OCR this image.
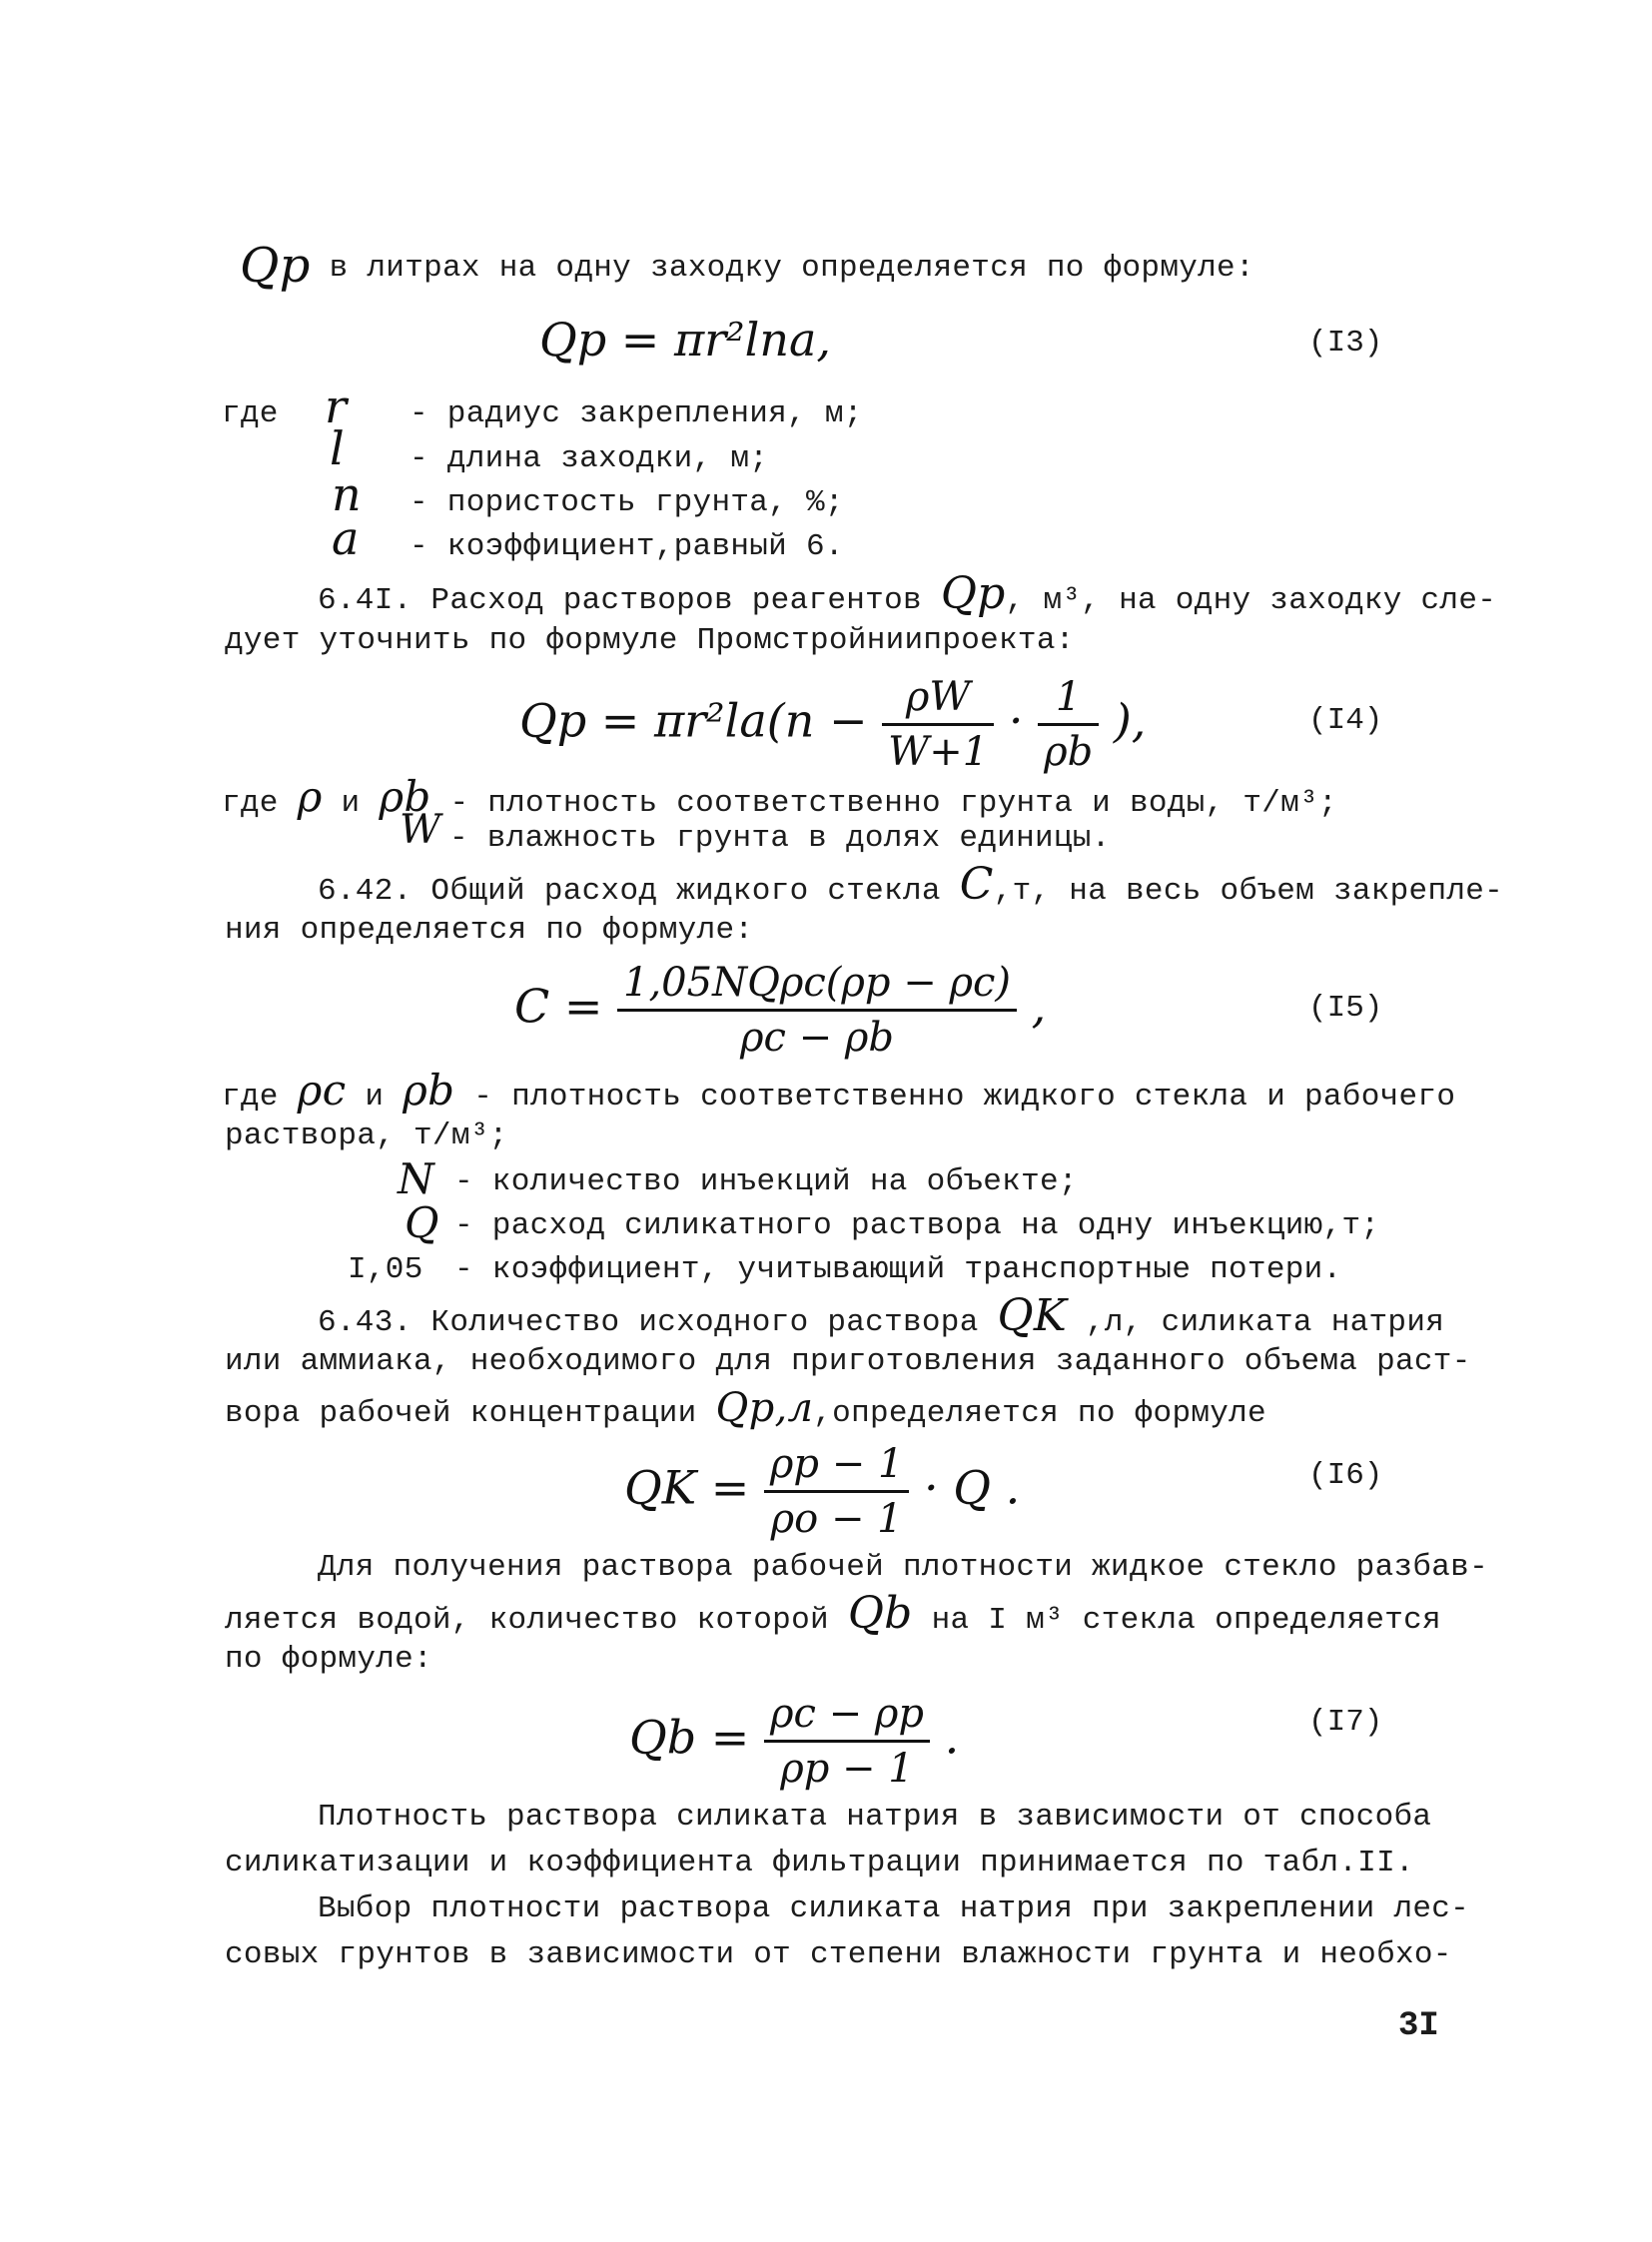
Qp в литрах на одну заходку определяется по формуле:
Qp = πr²lna,	(I3)
где r - радиус закрепления, м;
l - длина заходки, м;
n - пористость грунта, %;
a - коэффициент,равный 6.
6.4I. Расход растворов реагентов Qp, м³, на одну заходку сле-
дует уточнить по формуле Промстройниипроекта:
$Qp = \pi r^2la(n - \frac{\rho W}{W+1} \cdot \frac{1}{\rho b}$ ),	(I4)
где ρ и ρb - плотность соответственно грунта и воды, т/м³;
W - влажность грунта в долях единицы.
6.42. Общий расход жидкого стекла C,т, на весь объем закрепле-
ния определяется по формуле:
$C = \frac{\text{1,05NQρc(ρp − ρc)}}{\rho c - \rho b}$ ,	(I5)
где ρc и ρb - плотность соответственно жидкого стекла и рабочего
раствора, т/м³;
N - количество инъекций на объекте;
Q - расход силикатного раствора на одну инъекцию,т;
I,05 - коэффициент, учитывающий транспортные потери.
6.43. Количество исходного раствора QK ,л, силиката натрия
или аммиака, необходимого для приготовления заданного объема раст-
вора рабочей концентрации Qp,л,определяется по формуле
QK = $\frac{\rho p - 1}{\rho o - 1} \cdot Q$ .	(I6)
Для получения раствора рабочей плотности жидкое стекло разбав-
ляется водой, количество которой Qb на I м³ стекла определяется
по формуле:
$Qb = \frac{\rho c - \rho p}{\rho p - 1}$ .	(I7)
Плотность раствора силиката натрия в зависимости от способа
силикатизации и коэффициента фильтрации принимается по табл.II.
Выбор плотности раствора силиката натрия при закреплении лес-
совых грунтов в зависимости от степени влажности грунта и необхо-
3I
